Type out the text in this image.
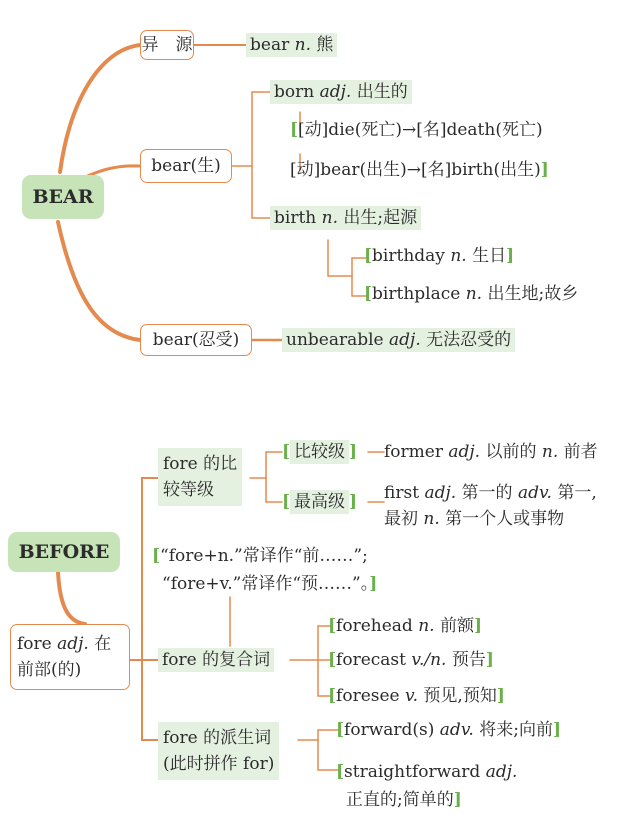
BEAR
异　源	bear n. 熊
bear(生)
born adj. 出生的
[[动]die(死亡)→[名]death(死亡)
[动]bear(出生)→[名]birth(出生)]
birth n. 出生;起源
[birthday n. 生日]
[birthplace n. 出生地;故乡
bear(忍受)	unbearable adj. 无法忍受的
BEFORE
fore adj. 在
前部(的)
fore 的比
较等级
[ 比较级 ] former adj. 以前的 n. 前者
[ 最高级 ] first adj. 第一的 adv. 第一,
最初 n. 第一个人或事物
[“fore+n.”常译作“前……”;
“fore+v.”常译作“预……”。]
fore 的复合词
[forehead n. 前额]
[forecast v./n. 预告]
[foresee v. 预见,预知]
fore 的派生词
(此时拼作 for)
[forward(s) adv. 将来;向前]
[straightforward adj.
正直的;简单的]
